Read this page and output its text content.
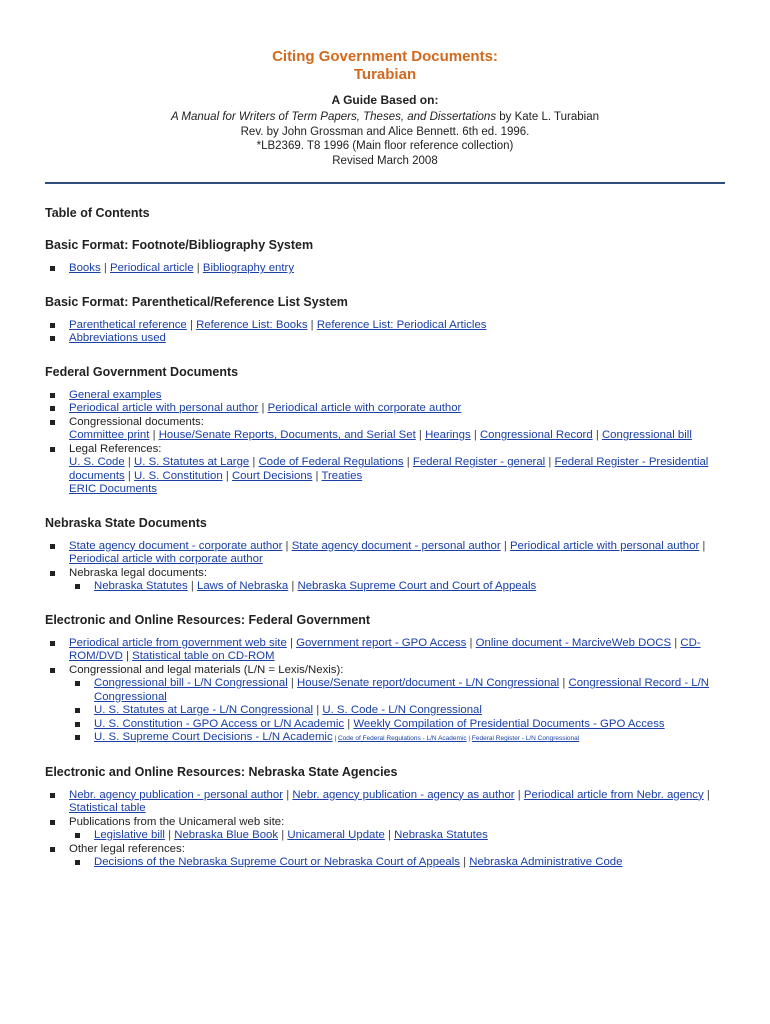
Citing Government Documents:
Turabian
A Guide Based on:
A Manual for Writers of Term Papers, Theses, and Dissertations by Kate L. Turabian
Rev. by John Grossman and Alice Bennett. 6th ed. 1996.
*LB2369. T8 1996 (Main floor reference collection)
Revised March 2008
Table of Contents
Basic Format: Footnote/Bibliography System
Books | Periodical article | Bibliography entry
Basic Format: Parenthetical/Reference List System
Parenthetical reference | Reference List: Books | Reference List: Periodical Articles
Abbreviations used
Federal Government Documents
General examples
Periodical article with personal author | Periodical article with corporate author
Congressional documents:
Committee print | House/Senate Reports, Documents, and Serial Set | Hearings | Congressional Record | Congressional bill
Legal References:
U. S. Code | U. S. Statutes at Large | Code of Federal Regulations | Federal Register - general | Federal Register - Presidential documents | U. S. Constitution | Court Decisions | Treaties
ERIC Documents
Nebraska State Documents
State agency document - corporate author | State agency document - personal author | Periodical article with personal author | Periodical article with corporate author
Nebraska legal documents:
Nebraska Statutes | Laws of Nebraska | Nebraska Supreme Court and Court of Appeals
Electronic and Online Resources: Federal Government
Periodical article from government web site | Government report - GPO Access | Online document - MarciveWeb DOCS | CD-ROM/DVD | Statistical table on CD-ROM
Congressional and legal materials (L/N = Lexis/Nexis):
Congressional bill - L/N Congressional | House/Senate report/document - L/N Congressional | Congressional Record - L/N Congressional
U. S. Statutes at Large - L/N Congressional | U. S. Code - L/N Congressional
U. S. Constitution - GPO Access or L/N Academic | Weekly Compilation of Presidential Documents - GPO Access
U. S. Supreme Court Decisions - L/N Academic | Code of Federal Regulations - L/N Academic | Federal Register - L/N Congressional
Electronic and Online Resources: Nebraska State Agencies
Nebr. agency publication - personal author | Nebr. agency publication - agency as author | Periodical article from Nebr. agency | Statistical table
Publications from the Unicameral web site:
Legislative bill | Nebraska Blue Book | Unicameral Update | Nebraska Statutes
Other legal references:
Decisions of the Nebraska Supreme Court or Nebraska Court of Appeals | Nebraska Administrative Code
